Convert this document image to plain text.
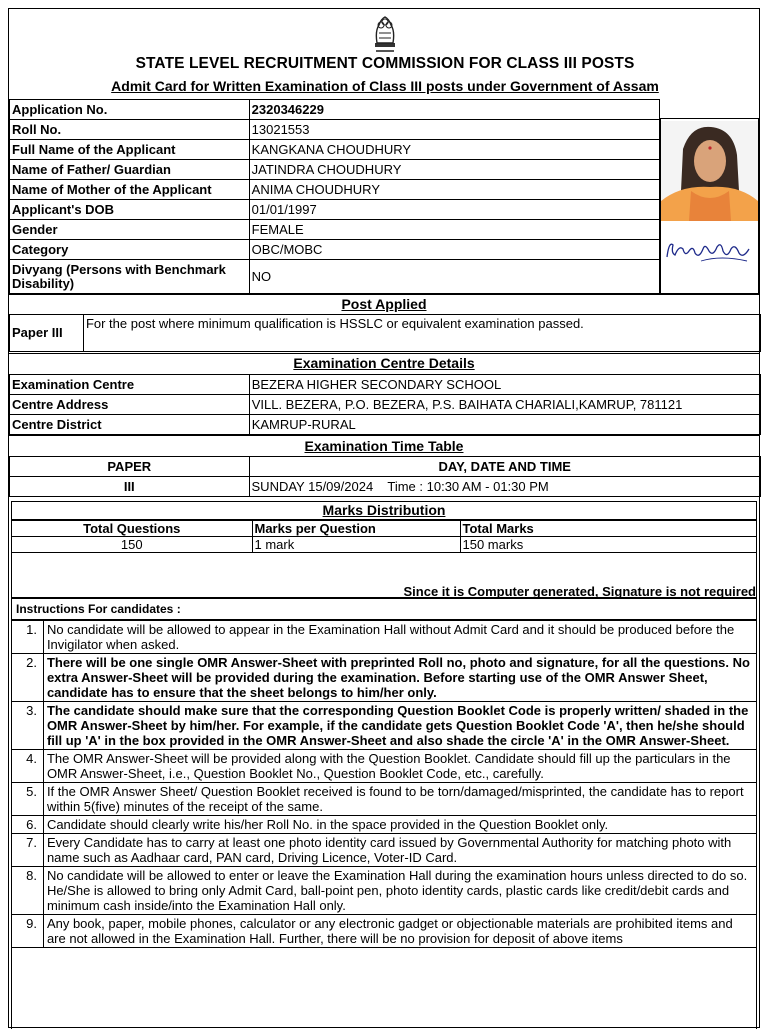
STATE LEVEL RECRUITMENT COMMISSION FOR CLASS III POSTS
Admit Card for Written Examination of Class III posts under Government of Assam
Application No.	2320346229
Roll No.	13021553
Full Name of the Applicant	KANGKANA CHOUDHURY
Name of Father/ Guardian	JATINDRA CHOUDHURY
Name of Mother of the Applicant	ANIMA CHOUDHURY
Applicant's DOB	01/01/1997
Gender	FEMALE
Category	OBC/MOBC
Divyang (Persons with Benchmark Disability)	NO
Post Applied
Paper III	For the post where minimum qualification is HSSLC or equivalent examination passed.
Examination Centre Details
Examination Centre	BEZERA HIGHER SECONDARY SCHOOL
Centre Address	VILL. BEZERA, P.O. BEZERA, P.S. BAIHATA CHARIALI,KAMRUP, 781121
Centre District	KAMRUP-RURAL
Examination Time Table
PAPER	DAY, DATE AND TIME
III	SUNDAY 15/09/2024    Time : 10:30 AM - 01:30 PM
Marks Distribution
Total Questions	Marks per Question	Total Marks
150	1 mark	150 marks
Since it is Computer generated, Signature is not required
Instructions For candidates :
1.	No candidate will be allowed to appear in the Examination Hall without Admit Card and it should be produced before the Invigilator when asked.
2.	There will be one single OMR Answer-Sheet with preprinted Roll no, photo and signature, for all the questions. No extra Answer-Sheet will be provided during the examination. Before starting use of the OMR Answer Sheet, candidate has to ensure that the sheet belongs to him/her only.
3.	The candidate should make sure that the corresponding Question Booklet Code is properly written/ shaded in the OMR Answer-Sheet by him/her. For example, if the candidate gets Question Booklet Code 'A', then he/she should fill up 'A' in the box provided in the OMR Answer-Sheet and also shade the circle 'A' in the OMR Answer-Sheet.
4.	The OMR Answer-Sheet will be provided along with the Question Booklet. Candidate should fill up the particulars in the OMR Answer-Sheet, i.e., Question Booklet No., Question Booklet Code, etc., carefully.
5.	If the OMR Answer Sheet/ Question Booklet received is found to be torn/damaged/misprinted, the candidate has to report within 5(five) minutes of the receipt of the same.
6.	Candidate should clearly write his/her Roll No. in the space provided in the Question Booklet only.
7.	Every Candidate has to carry at least one photo identity card issued by Governmental Authority for matching photo with name such as Aadhaar card, PAN card, Driving Licence, Voter-ID Card.
8.	No candidate will be allowed to enter or leave the Examination Hall during the examination hours unless directed to do so. He/She is allowed to bring only Admit Card, ball-point pen, photo identity cards, plastic cards like credit/debit cards and minimum cash inside/into the Examination Hall only.
9.	Any book, paper, mobile phones, calculator or any electronic gadget or objectionable materials are prohibited items and are not allowed in the Examination Hall. Further, there will be no provision for deposit of above items
